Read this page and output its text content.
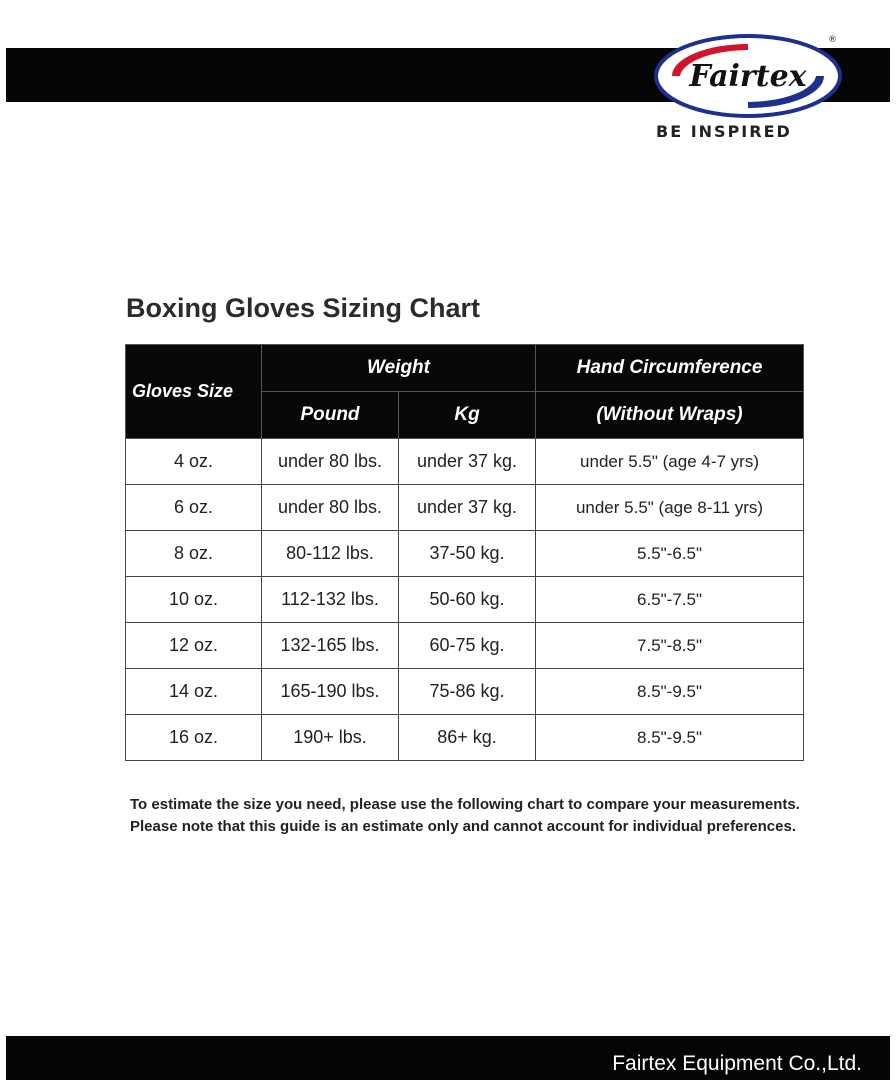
Fairtex
®
BE INSPIRED
Boxing Gloves Sizing Chart
Gloves Size	Weight		Hand Circumference
	Pound	Kg	(Without Wraps)
4 oz.	under 80 lbs.	under 37 kg.	under 5.5" (age 4-7 yrs)
6 oz.	under 80 lbs.	under 37 kg.	under 5.5" (age 8-11 yrs)
8 oz.	80-112 lbs.	37-50 kg.	5.5"-6.5"
10 oz.	112-132 lbs.	50-60 kg.	6.5"-7.5"
12 oz.	132-165 lbs.	60-75 kg.	7.5"-8.5"
14 oz.	165-190 lbs.	75-86 kg.	8.5"-9.5"
16 oz.	190+ lbs.	86+ kg.	8.5"-9.5"
To estimate the size you need, please use the following chart to compare your measurements. Please note that this guide is an estimate only and cannot account for individual preferences.
Fairtex Equipment Co.,Ltd.
